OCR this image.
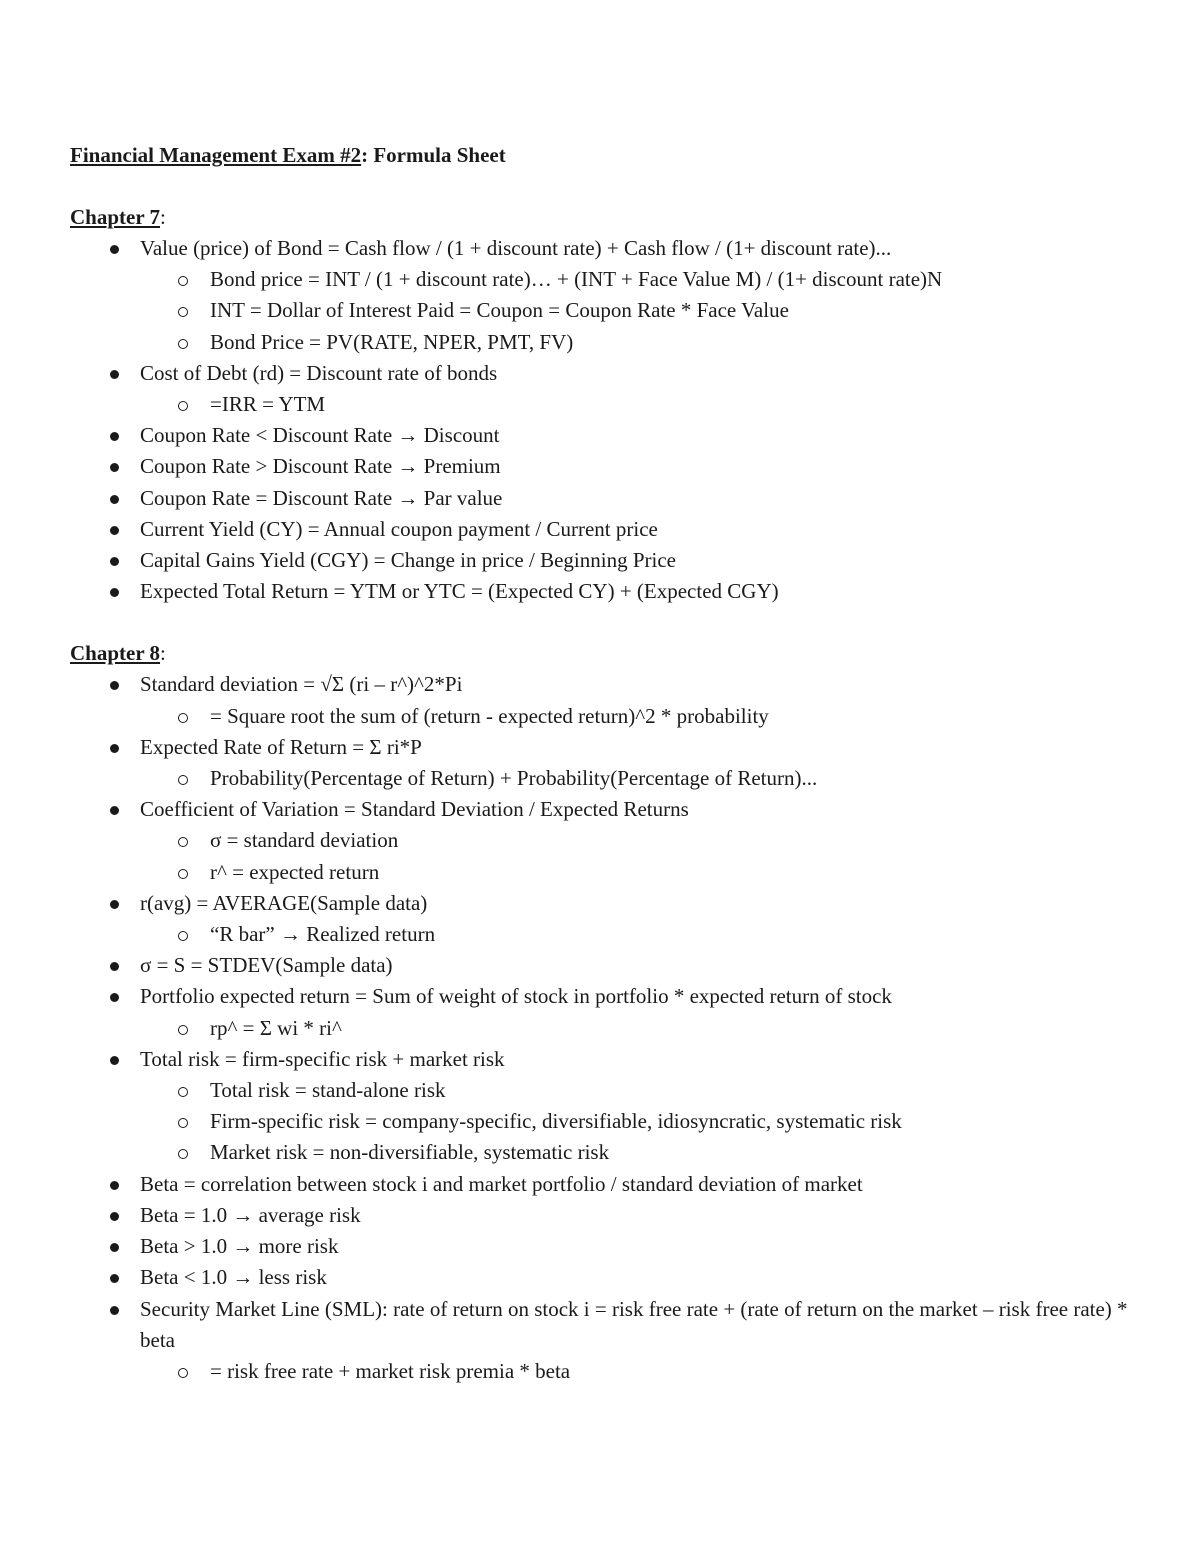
Financial Management Exam #2: Formula Sheet

Chapter 7:

Value (price) of Bond = Cash flow / (1 + discount rate) + Cash flow / (1+ discount rate)...
Bond price = INT / (1 + discount rate)… + (INT + Face Value M) / (1+ discount rate)N
INT = Dollar of Interest Paid = Coupon = Coupon Rate * Face Value
Bond Price = PV(RATE, NPER, PMT, FV)
Cost of Debt (rd) = Discount rate of bonds
=IRR = YTM
Coupon Rate < Discount Rate → Discount
Coupon Rate > Discount Rate → Premium
Coupon Rate = Discount Rate → Par value
Current Yield (CY) = Annual coupon payment / Current price
Capital Gains Yield (CGY) = Change in price / Beginning Price
Expected Total Return = YTM or YTC = (Expected CY) + (Expected CGY)

Chapter 8:

Standard deviation = √Σ (ri – r^)^2*Pi
= Square root the sum of (return - expected return)^2 * probability
Expected Rate of Return = Σ ri*P
Probability(Percentage of Return) + Probability(Percentage of Return)...
Coefficient of Variation = Standard Deviation / Expected Returns
σ = standard deviation
r^ = expected return
r(avg) = AVERAGE(Sample data)
“R bar” → Realized return
σ = S = STDEV(Sample data)
Portfolio expected return = Sum of weight of stock in portfolio * expected return of stock
rp^ = Σ wi * ri^
Total risk = firm-specific risk + market risk
Total risk = stand-alone risk
Firm-specific risk = company-specific, diversifiable, idiosyncratic, systematic risk
Market risk = non-diversifiable, systematic risk
Beta = correlation between stock i and market portfolio / standard deviation of market
Beta = 1.0 → average risk
Beta > 1.0 → more risk
Beta < 1.0 → less risk
Security Market Line (SML): rate of return on stock i = risk free rate + (rate of return on the market – risk free rate) * beta
= risk free rate + market risk premia * beta
